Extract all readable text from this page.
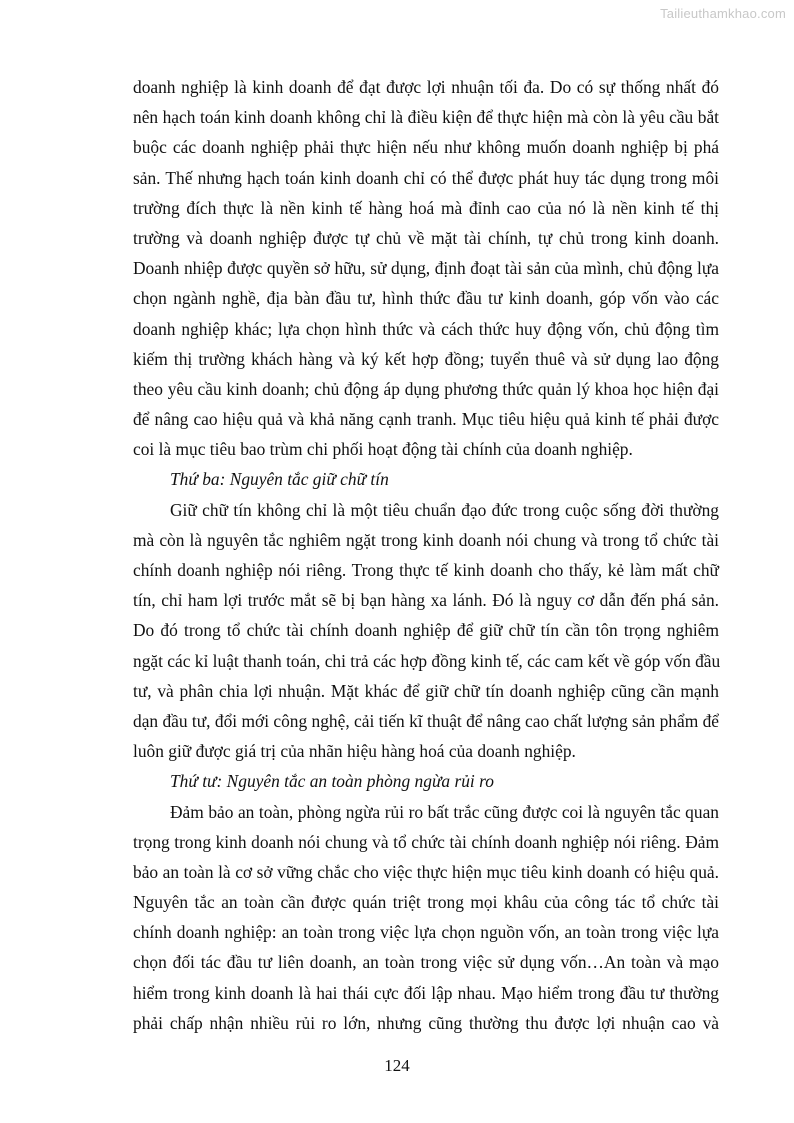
Tailieuthamkhao.com
doanh nghiệp là kinh doanh để đạt được lợi nhuận tối đa. Do có sự thống nhất đó
nên hạch toán kinh doanh không chỉ là điều kiện để thực hiện mà còn là yêu cầu bắt
buộc các doanh nghiệp phải thực hiện nếu như không muốn doanh nghiệp bị phá
sản. Thế nhưng hạch toán kinh doanh chỉ có thể được phát huy tác dụng trong môi
trường đích thực là nền kinh tế hàng hoá mà đỉnh cao của nó là nền kinh tế thị
trường và doanh nghiệp được tự chủ về mặt tài chính, tự chủ trong kinh doanh.
Doanh nhiệp được quyền sở hữu, sử dụng, định đoạt tài sản của mình, chủ động lựa
chọn ngành nghề, địa bàn đầu tư, hình thức đầu tư kinh doanh, góp vốn vào các
doanh nghiệp khác; lựa chọn hình thức và cách thức huy động vốn, chủ động tìm
kiếm thị trường khách hàng và ký kết hợp đồng; tuyển thuê và sử dụng lao động
theo yêu cầu kinh doanh; chủ động áp dụng phương thức quản lý khoa học hiện đại
để nâng cao hiệu quả và khả năng cạnh tranh. Mục tiêu hiệu quả kinh tế phải được
coi là mục tiêu bao trùm chi phối hoạt động tài chính của doanh nghiệp.
Thứ ba: Nguyên tắc giữ chữ tín
Giữ chữ tín không chỉ là một tiêu chuẩn đạo đức trong cuộc sống đời thường
mà còn là nguyên tắc nghiêm ngặt trong kinh doanh nói chung và trong tổ chức tài
chính doanh nghiệp nói riêng. Trong thực tế kinh doanh cho thấy, kẻ làm mất chữ
tín, chỉ ham lợi trước mắt sẽ bị bạn hàng xa lánh. Đó là nguy cơ dẫn đến phá sản.
Do đó trong tổ chức tài chính doanh nghiệp để giữ chữ tín cần tôn trọng nghiêm
ngặt các kỉ luật thanh toán, chi trả các hợp đồng kinh tế, các cam kết về góp vốn đầu
tư, và phân chia lợi nhuận. Mặt khác để giữ chữ tín doanh nghiệp cũng cần mạnh
dạn đầu tư, đổi mới công nghệ, cải tiến kĩ thuật để nâng cao chất lượng sản phẩm để
luôn giữ được giá trị của nhãn hiệu hàng hoá của doanh nghiệp.
Thứ tư: Nguyên tắc an toàn phòng ngừa rủi ro
Đảm bảo an toàn, phòng ngừa rủi ro bất trắc cũng được coi là nguyên tắc quan
trọng trong kinh doanh nói chung và tổ chức tài chính doanh nghiệp nói riêng. Đảm
bảo an toàn là cơ sở vững chắc cho việc thực hiện mục tiêu kinh doanh có hiệu quả.
Nguyên tắc an toàn cần được quán triệt trong mọi khâu của công tác tổ chức tài
chính doanh nghiệp: an toàn trong việc lựa chọn nguồn vốn, an toàn trong việc lựa
chọn đối tác đầu tư liên doanh, an toàn trong việc sử dụng vốn…An toàn và mạo
hiểm trong kinh doanh là hai thái cực đối lập nhau. Mạo hiểm trong đầu tư thường
phải chấp nhận nhiều rủi ro lớn, nhưng cũng thường thu được lợi nhuận cao và
124
